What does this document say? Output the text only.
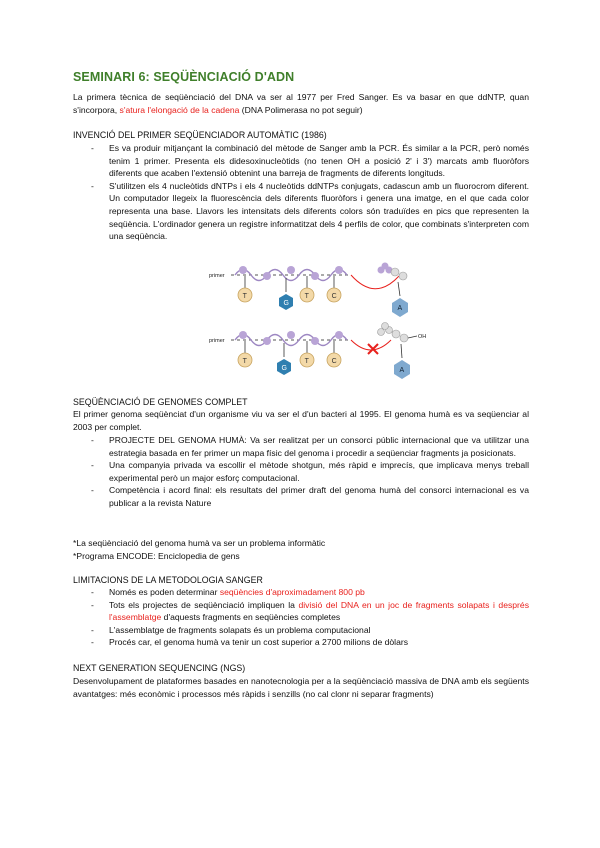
SEMINARI 6: SEQÜÈNCIACIÓ D'ADN

La primera tècnica de seqüènciació del DNA va ser al 1977 per Fred Sanger. Es va basar en que ddNTP, quan s'incorpora, s'atura l'elongació de la cadena (DNA Polimerasa no pot seguir)

INVENCIÓ DEL PRIMER SEQÜENCIADOR AUTOMÀTIC (1986)

- Es va produir mitjançant la combinació del mètode de Sanger amb la PCR. És similar a la PCR, però només tenim 1 primer. Presenta els didesoxinucleòtids (no tenen OH a posició 2' i 3') marcats amb fluoròfors diferents que acaben l'extensió obtenint una barreja de fragments de diferents longituds.
- S'utilitzen els 4 nucleòtids dNTPs i els 4 nucleòtids ddNTPs conjugats, cadascun amb un fluorocrom diferent. Un computador llegeix la fluorescència dels diferents fluoròfors i genera una imatge, en el que cada color representa una base. Llavors les intensitats dels diferents colors són traduïdes en pics que representen la seqüència. L'ordinador genera un registre informatitzat dels 4 perfils de color, que combinats s'interpreten com una seqüència.
primer
T
G
T	C
A
primer
T
G
T	C
OH
A

SEQÜÈNCIACIÓ DE GENOMES COMPLET

El primer genoma seqüènciat d'un organisme viu va ser el d'un bacteri al 1995. El genoma humà es va seqüenciar al 2003 per complet.

- PROJECTE DEL GENOMA HUMÀ: Va ser realitzat per un consorci públic internacional que va utilitzar una estrategia basada en fer primer un mapa físic del genoma i procedir a seqüenciar fragments ja posicionats.
- Una companyia privada va escollir el mètode shotgun, més ràpid e imprecís, que implicava menys treball experimental però un major esforç computacional.
- Competència i acord final: els resultats del primer draft del genoma humà del consorci internacional es va publicar a la revista Nature

*La seqüènciació del genoma humà va ser un problema informàtic

*Programa ENCODE: Enciclopedia de gens

LIMITACIONS DE LA METODOLOGIA SANGER

- Només es poden determinar seqüències d'aproximadament 800 pb
- Tots els projectes de seqüènciació impliquen la divisió del DNA en un joc de fragments solapats i després l'assemblatge d'aquests fragments en seqüències completes
- L'assemblatge de fragments solapats és un problema computacional
- Procés car, el genoma humà va tenir un cost superior a 2700 milions de dòlars

NEXT GENERATION SEQUENCING (NGS)

Desenvolupament de plataformes basades en nanotecnologia per a la seqüènciació massiva de DNA amb els següents avantatges: més econòmic i processos més ràpids i senzills (no cal clonr ni separar fragments)
